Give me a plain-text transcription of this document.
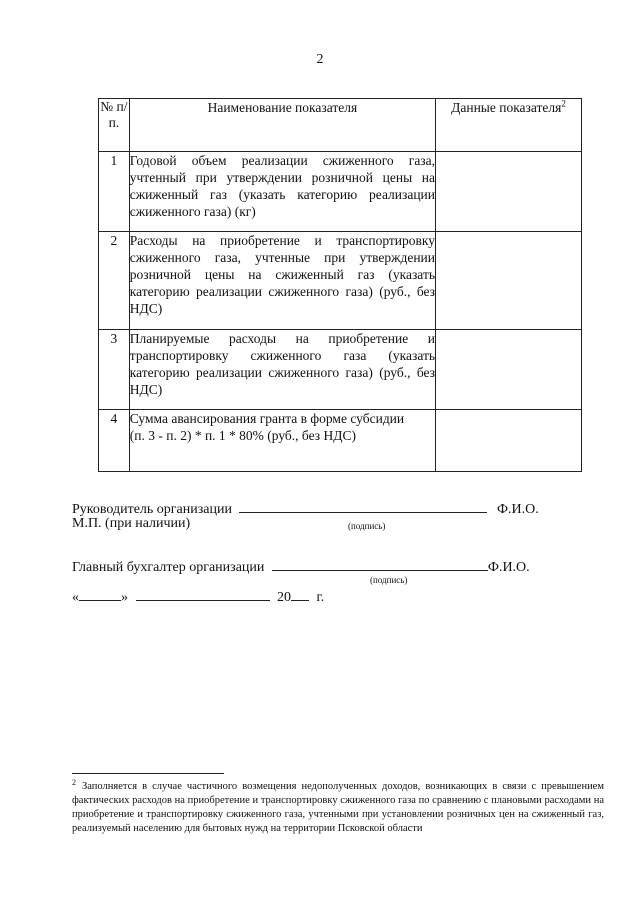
2
№ п/п.	Наименование показателя	Данные показателя$^2$
1	Годовой объем реализации сжиженного газа, учтенный при утверждении розничной цены на сжиженный газ (указать категорию реализации сжиженного газа) (кг)	
2	Расходы на приобретение и транспортировку сжиженного газа, учтенные при утверждении розничной цены на сжиженный газ (указать категорию реализации сжиженного газа) (руб., без НДС)	
3	Планируемые расходы на приобретение и транспортировку сжиженного газа (указать категорию реализации сжиженного газа) (руб., без НДС)	
4	Сумма авансирования гранта в форме субсидии
(п. 3 - п. 2) * п. 1 * 80% (руб., без НДС)	

Руководитель организации	Ф.И.О.
М.П. (при наличии)	(подпись)
Главный бухгалтер организации	Ф.И.О.
(подпись)
«	»	20 г.
$^2$ Заполняется в случае частичного возмещения недополученных доходов, возникающих в связи с превышением фактических расходов на приобретение и транспортировку сжиженного газа по сравнению с плановыми расходами на приобретение и транспортировку сжиженного газа, учтенными при установлении розничных цен на сжиженный газ, реализуемый населению для бытовых нужд на территории Псковской области
